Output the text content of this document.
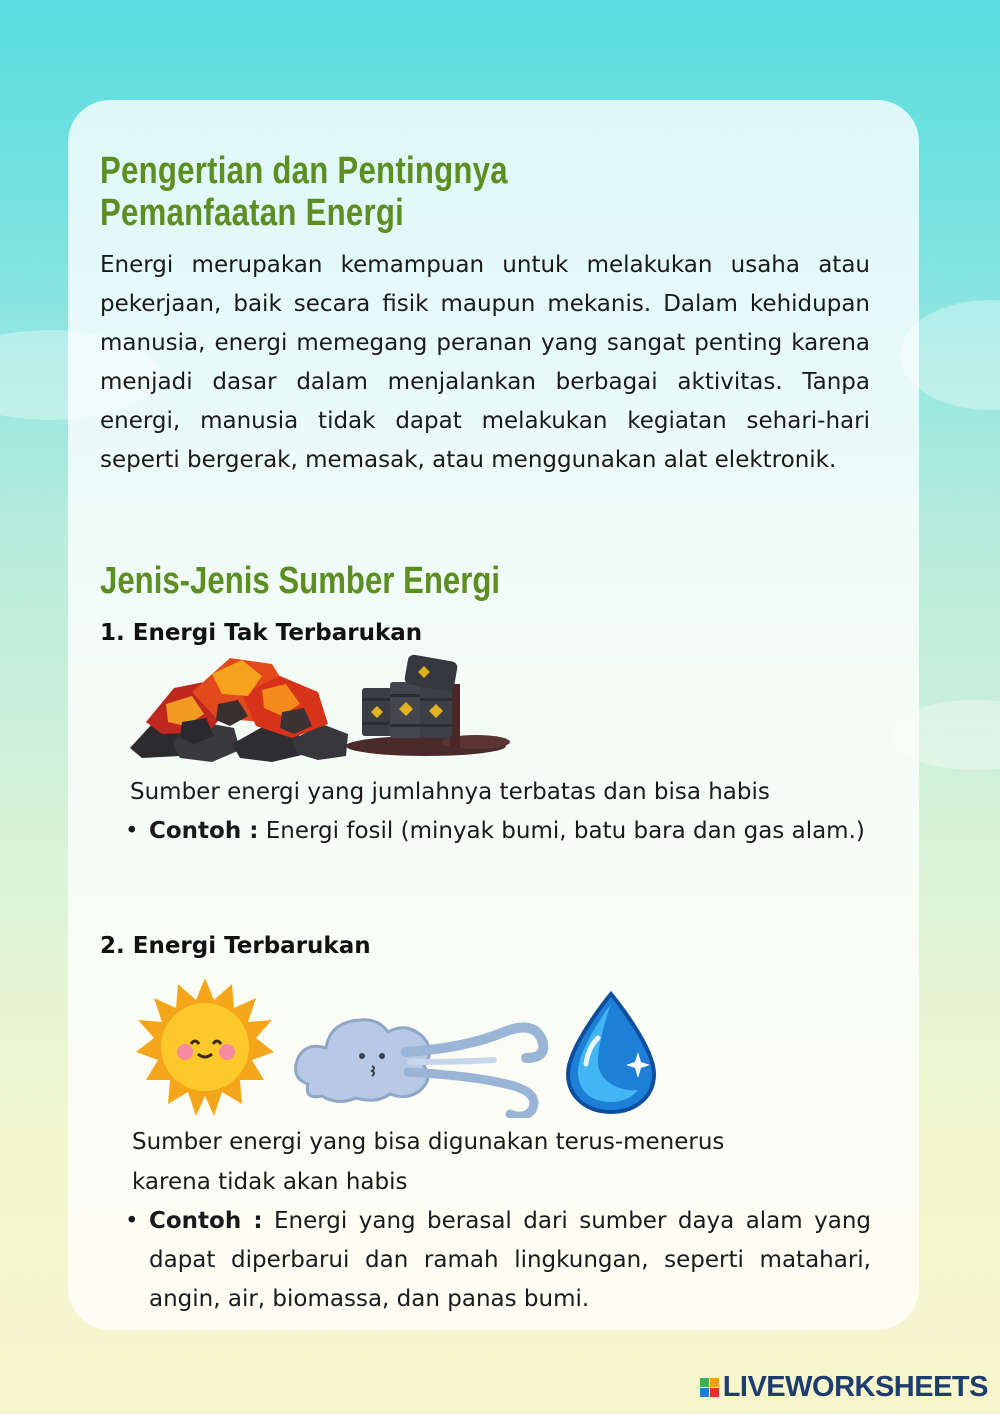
Pengertian dan Pentingnya
Pemanfaatan Energi

Energi merupakan kemampuan untuk melakukan usaha atau pekerjaan, baik secara fisik maupun mekanis. Dalam kehidupan manusia, energi memegang peranan yang sangat penting karena menjadi dasar dalam menjalankan berbagai aktivitas. Tanpa energi, manusia tidak dapat melakukan kegiatan sehari-hari seperti bergerak, memasak, atau menggunakan alat elektronik.

Jenis-Jenis Sumber Energi
1. Energi Tak Terbarukan
Sumber energi yang jumlahnya terbatas dan bisa habis
• Contoh : Energi fosil (minyak bumi, batu bara dan gas alam.)
2. Energi Terbarukan
Sumber energi yang bisa digunakan terus-menerus
karena tidak akan habis
• Contoh : Energi yang berasal dari sumber daya alam yang dapat diperbarui dan ramah lingkungan, seperti matahari, angin, air, biomassa, dan panas bumi.
LIVEWORKSHEETS
